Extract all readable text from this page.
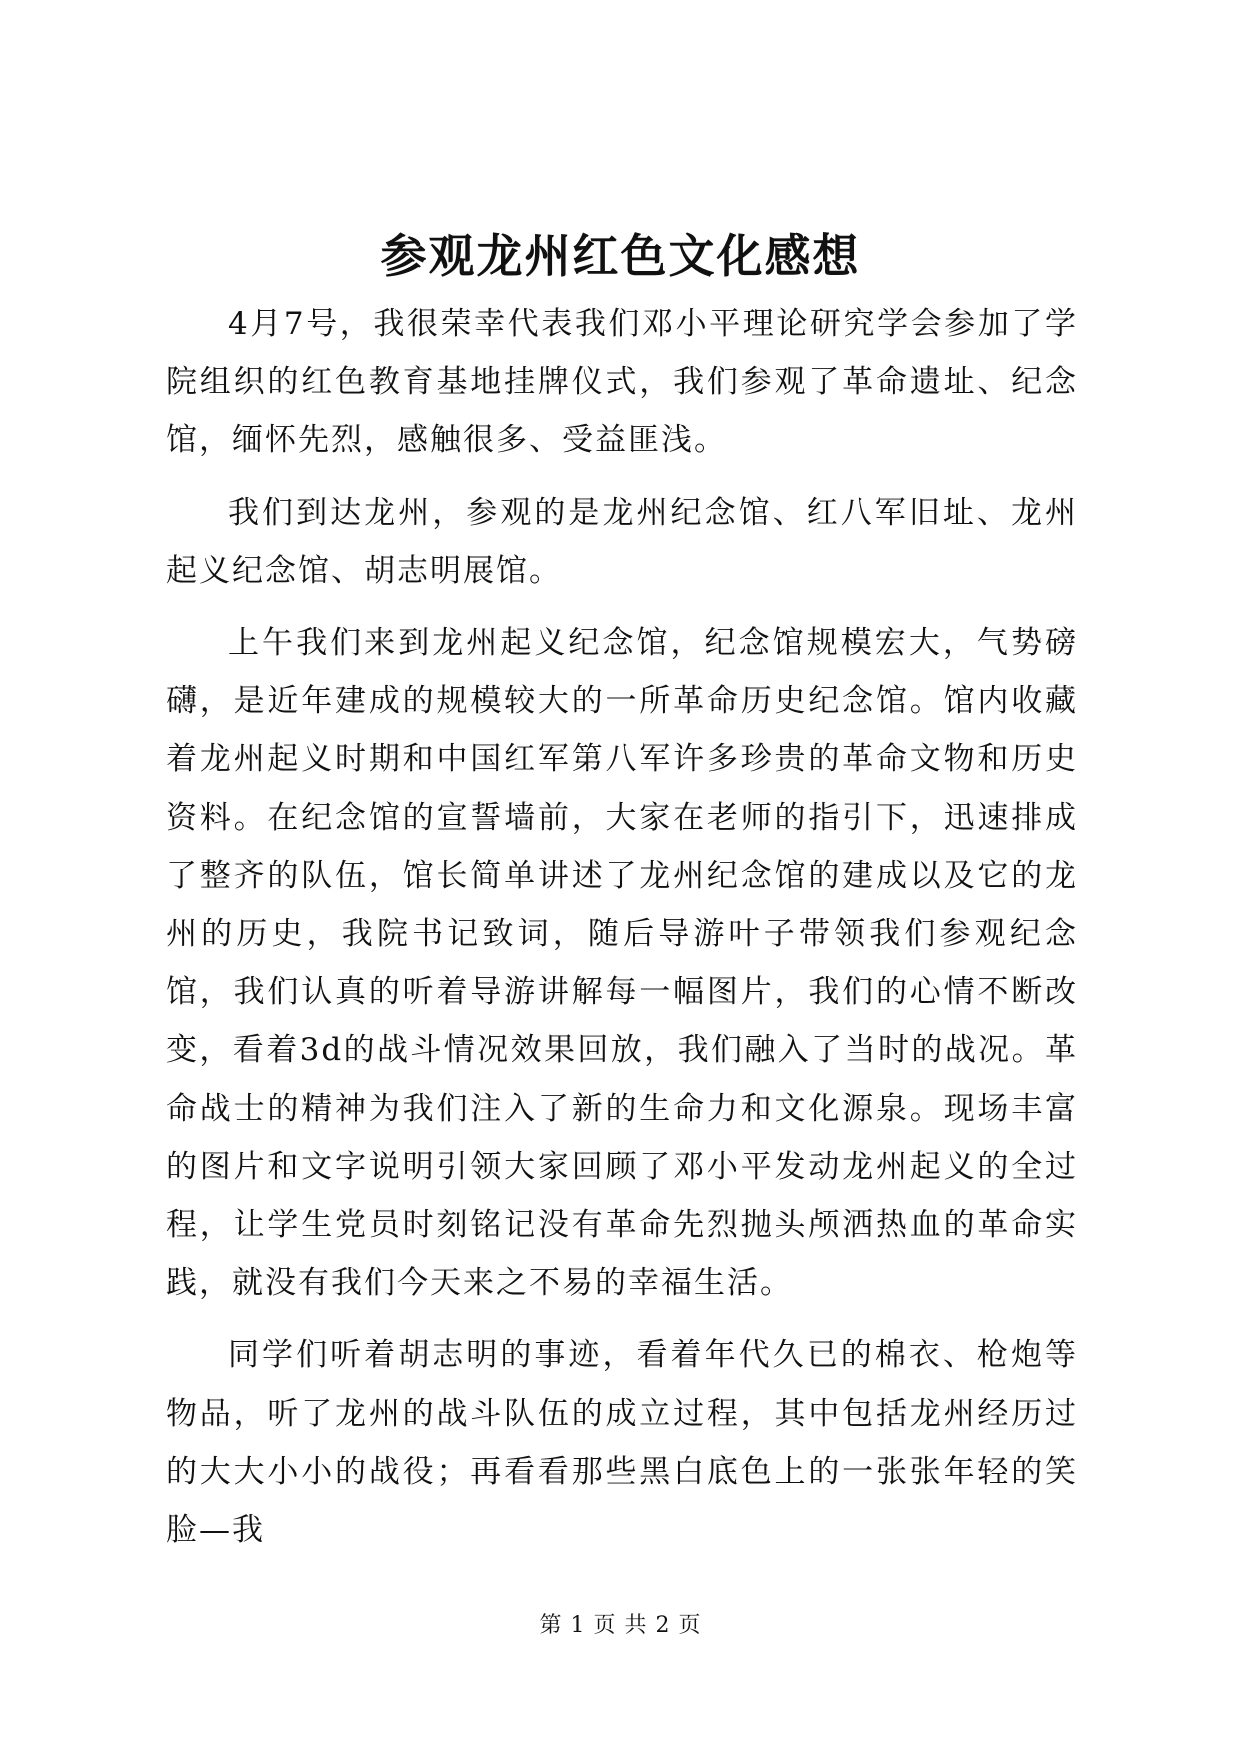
参观龙州红色文化感想

4月7号，我很荣幸代表我们邓小平理论研究学会参加了学院组织的红色教育基地挂牌仪式，我们参观了革命遗址、纪念馆，缅怀先烈，感触很多、受益匪浅。

我们到达龙州，参观的是龙州纪念馆、红八军旧址、龙州起义纪念馆、胡志明展馆。

上午我们来到龙州起义纪念馆，纪念馆规模宏大，气势磅礴，是近年建成的规模较大的一所革命历史纪念馆。馆内收藏着龙州起义时期和中国红军第八军许多珍贵的革命文物和历史资料。在纪念馆的宣誓墙前，大家在老师的指引下，迅速排成了整齐的队伍，馆长简单讲述了龙州纪念馆的建成以及它的龙州的历史，我院书记致词，随后导游叶子带领我们参观纪念馆，我们认真的听着导游讲解每一幅图片，我们的心情不断改变，看着3d的战斗情况效果回放，我们融入了当时的战况。革命战士的精神为我们注入了新的生命力和文化源泉。现场丰富的图片和文字说明引领大家回顾了邓小平发动龙州起义的全过程，让学生党员时刻铭记没有革命先烈抛头颅洒热血的革命实践，就没有我们今天来之不易的幸福生活。

同学们听着胡志明的事迹，看着年代久已的棉衣、枪炮等物品，听了龙州的战斗队伍的成立过程，其中包括龙州经历过的大大小小的战役；再看看那些黑白底色上的一张张年轻的笑脸—我

第 1 页 共 2 页
